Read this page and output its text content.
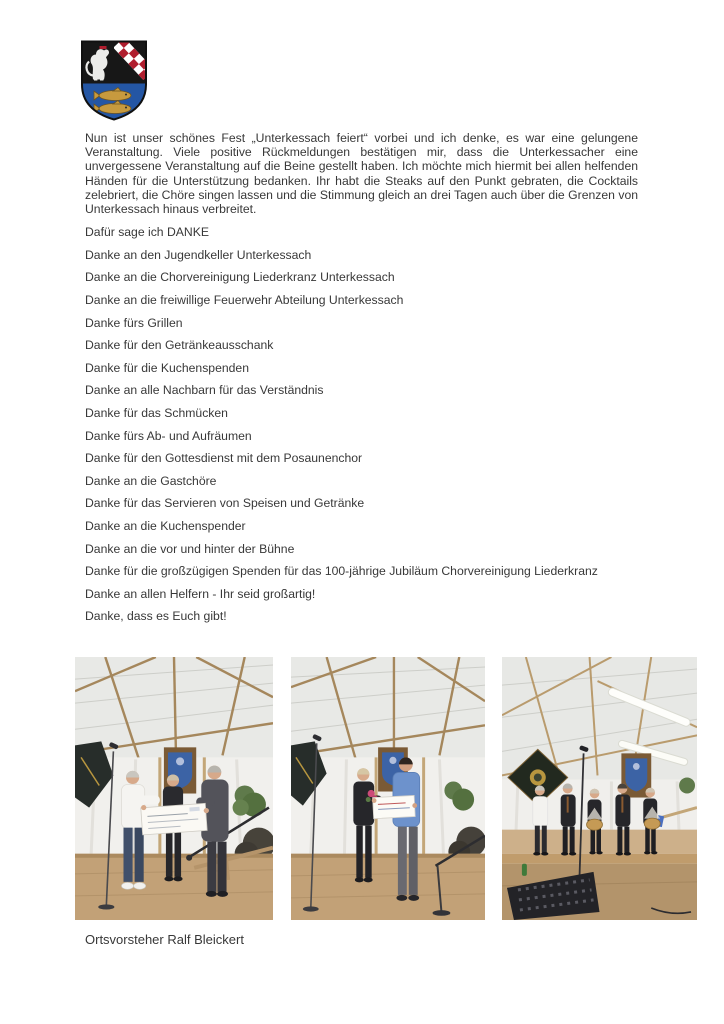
Nun ist unser schönes Fest „Unterkessach feiert“ vorbei und ich denke, es war eine gelungene Veranstaltung. Viele positive Rückmeldungen bestätigen mir, dass die Unterkessacher eine unvergessene Veranstaltung auf die Beine gestellt haben. Ich möchte mich hiermit bei allen helfenden Händen für die Unterstützung bedanken. Ihr habt die Steaks auf den Punkt gebraten, die Cocktails zelebriert, die Chöre singen lassen und die Stimmung gleich an drei Tagen auch über die Grenzen von Unterkessach hinaus verbreitet.

Dafür sage ich DANKE

Danke an den Jugendkeller Unterkessach

Danke an die Chorvereinigung Liederkranz Unterkessach

Danke an die freiwillige Feuerwehr Abteilung Unterkessach

Danke fürs Grillen

Danke für den Getränkeausschank

Danke für die Kuchenspenden

Danke an alle Nachbarn für das Verständnis

Danke für das Schmücken

Danke fürs Ab- und Aufräumen

Danke für den Gottesdienst mit dem Posaunenchor

Danke an die Gastchöre

Danke für das Servieren von Speisen und Getränke

Danke an die Kuchenspender

Danke an die vor und hinter der Bühne

Danke für die großzügigen Spenden für das 100-jährige Jubiläum Chorvereinigung Liederkranz

Danke an allen Helfern - Ihr seid großartig!

Danke, dass es Euch gibt!

Ortsvorsteher Ralf Bleickert
